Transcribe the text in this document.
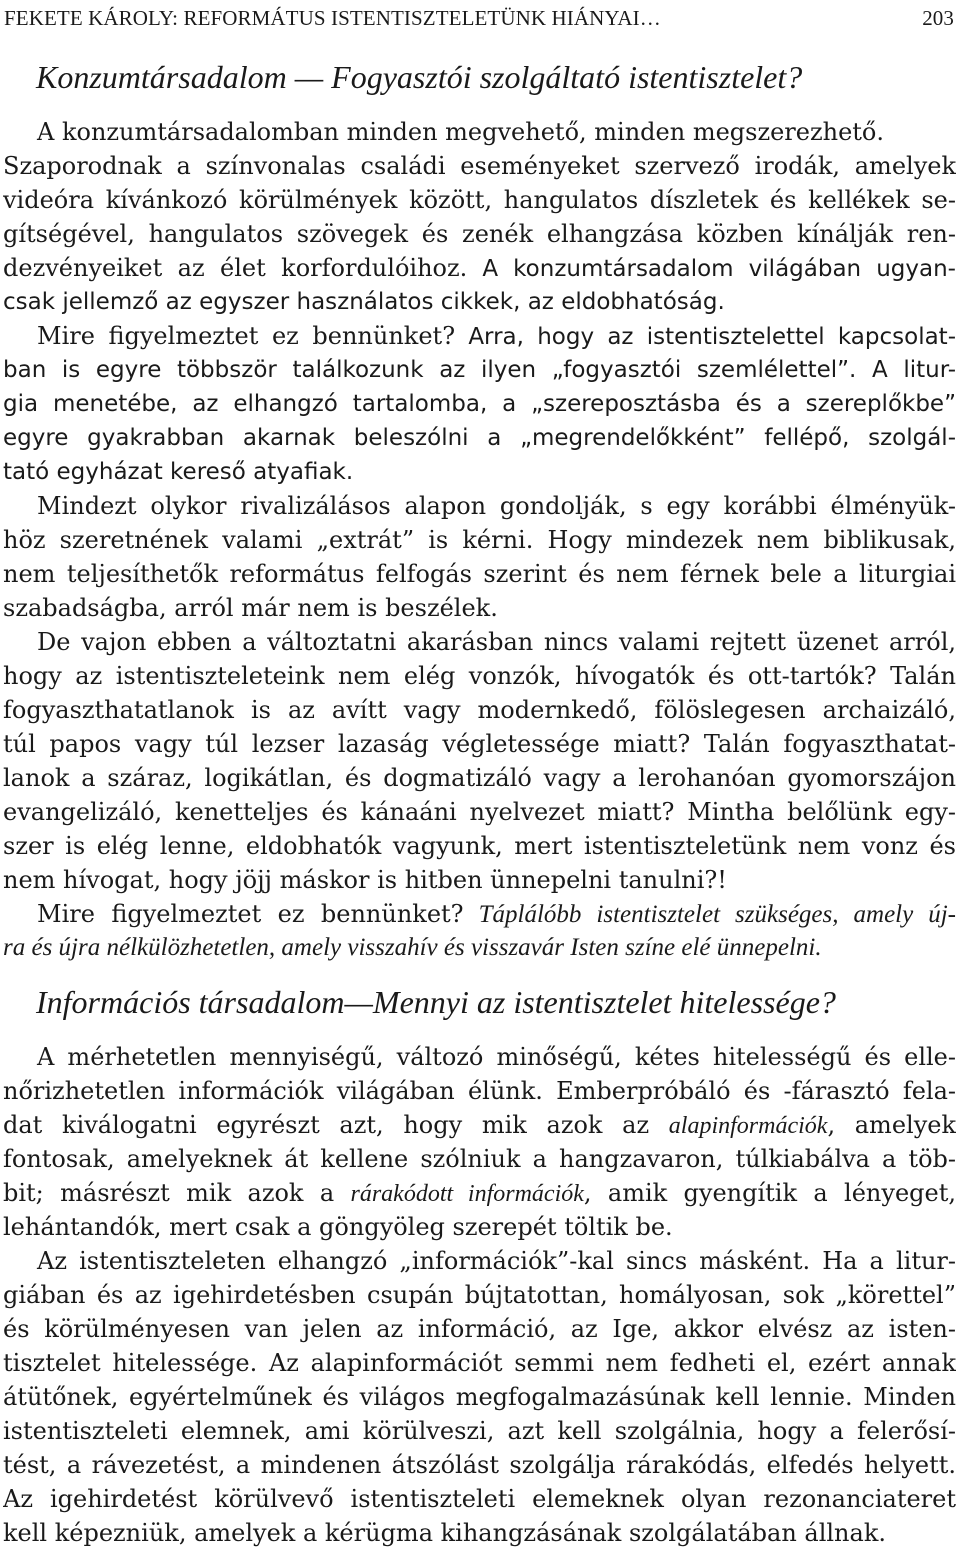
FEKETE KÁROLY: REFORMÁTUS ISTENTISZTELETÜNK HIÁNYAI…	203
Konzumtársadalom — Fogyasztói szolgáltató istentisztelet?
A konzumtársadalomban minden megvehető, minden megszerezhető.
Szaporodnak a színvonalas családi eseményeket szervező irodák, amelyek
videóra kívánkozó körülmények között, hangulatos díszletek és kellékek se-
gítségével, hangulatos szövegek és zenék elhangzása közben kínálják ren-
dezvényeiket az élet korfordulóihoz. A konzumtársadalom világában ugyan-
csak jellemző az egyszer használatos cikkek, az eldobhatóság.
Mire figyelmeztet ez bennünket? Arra, hogy az istentisztelettel kapcsolat-
ban is egyre többször találkozunk az ilyen „fogyasztói szemlélettel”. A litur-
gia menetébe, az elhangzó tartalomba, a „szereposztásba és a szereplőkbe”
egyre gyakrabban akarnak beleszólni a „megrendelőkként” fellépő, szolgál-
tató egyházat kereső atyafiak.
Mindezt olykor rivalizálásos alapon gondolják, s egy korábbi élményük-
höz szeretnének valami „extrát” is kérni. Hogy mindezek nem biblikusak,
nem teljesíthetők református felfogás szerint és nem férnek bele a liturgiai
szabadságba, arról már nem is beszélek.
De vajon ebben a változtatni akarásban nincs valami rejtett üzenet arról,
hogy az istentiszteleteink nem elég vonzók, hívogatók és ott-tartók? Talán
fogyaszthatatlanok is az avítt vagy modernkedő, fölöslegesen archaizáló,
túl papos vagy túl lezser lazaság végletessége miatt? Talán fogyaszthatat-
lanok a száraz, logikátlan, és dogmatizáló vagy a lerohanóan gyomorszájon
evangelizáló, kenetteljes és kánaáni nyelvezet miatt? Mintha belőlünk egy-
szer is elég lenne, eldobhatók vagyunk, mert istentiszteletünk nem vonz és
nem hívogat, hogy jöjj máskor is hitben ünnepelni tanulni?!
Mire figyelmeztet ez bennünket? Táplálóbb istentisztelet szükséges, amely új-
ra és újra nélkülözhetetlen, amely visszahív és visszavár Isten színe elé ünnepelni.
Információs társadalom—Mennyi az istentisztelet hitelessége?
A mérhetetlen mennyiségű, változó minőségű, kétes hitelességű és elle-
nőrizhetetlen információk világában élünk. Emberpróbáló és -fárasztó fela-
dat kiválogatni egyrészt azt, hogy mik azok az alapinformációk, amelyek
fontosak, amelyeknek át kellene szólniuk a hangzavaron, túlkiabálva a töb-
bit; másrészt mik azok a rárakódott információk, amik gyengítik a lényeget,
lehántandók, mert csak a göngyöleg szerepét töltik be.
Az istentiszteleten elhangzó „információk”-kal sincs másként. Ha a litur-
giában és az igehirdetésben csupán bújtatottan, homályosan, sok „körettel”
és körülményesen van jelen az információ, az Ige, akkor elvész az isten-
tisztelet hitelessége. Az alapinformációt semmi nem fedheti el, ezért annak
átütőnek, egyértelműnek és világos megfogalmazásúnak kell lennie. Minden
istentiszteleti elemnek, ami körülveszi, azt kell szolgálnia, hogy a felerősí-
tést, a rávezetést, a mindenen átszólást szolgálja rárakódás, elfedés helyett.
Az igehirdetést körülvevő istentiszteleti elemeknek olyan rezonanciateret
kell képezniük, amelyek a kérügma kihangzásának szolgálatában állnak.
